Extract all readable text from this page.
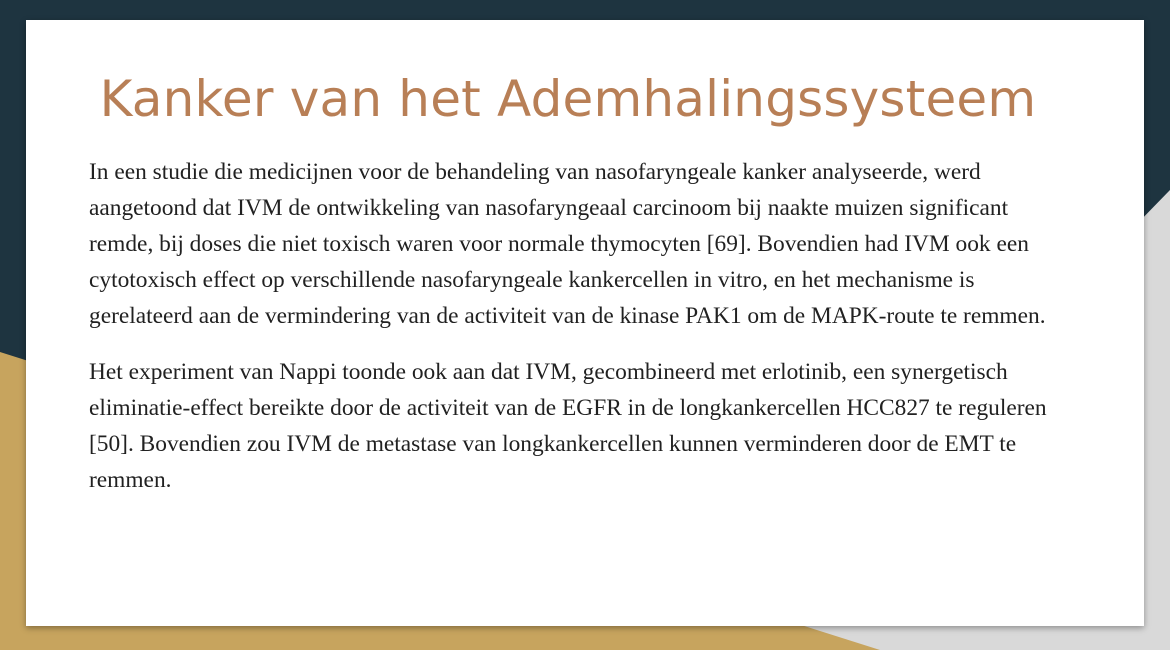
Kanker van het Ademhalingssysteem

In een studie die medicijnen voor de behandeling van nasofaryngeale kanker analyseerde, werd aangetoond dat IVM de ontwikkeling van nasofaryngeaal carcinoom bij naakte muizen significant remde, bij doses die niet toxisch waren voor normale thymocyten [69]. Bovendien had IVM ook een cytotoxisch effect op verschillende nasofaryngeale kankercellen in vitro, en het mechanisme is gerelateerd aan de vermindering van de activiteit van de kinase PAK1 om de MAPK-route te remmen.

Het experiment van Nappi toonde ook aan dat IVM, gecombineerd met erlotinib, een synergetisch eliminatie-effect bereikte door de activiteit van de EGFR in de longkankercellen HCC827 te reguleren [50]. Bovendien zou IVM de metastase van longkankercellen kunnen verminderen door de EMT te remmen.
